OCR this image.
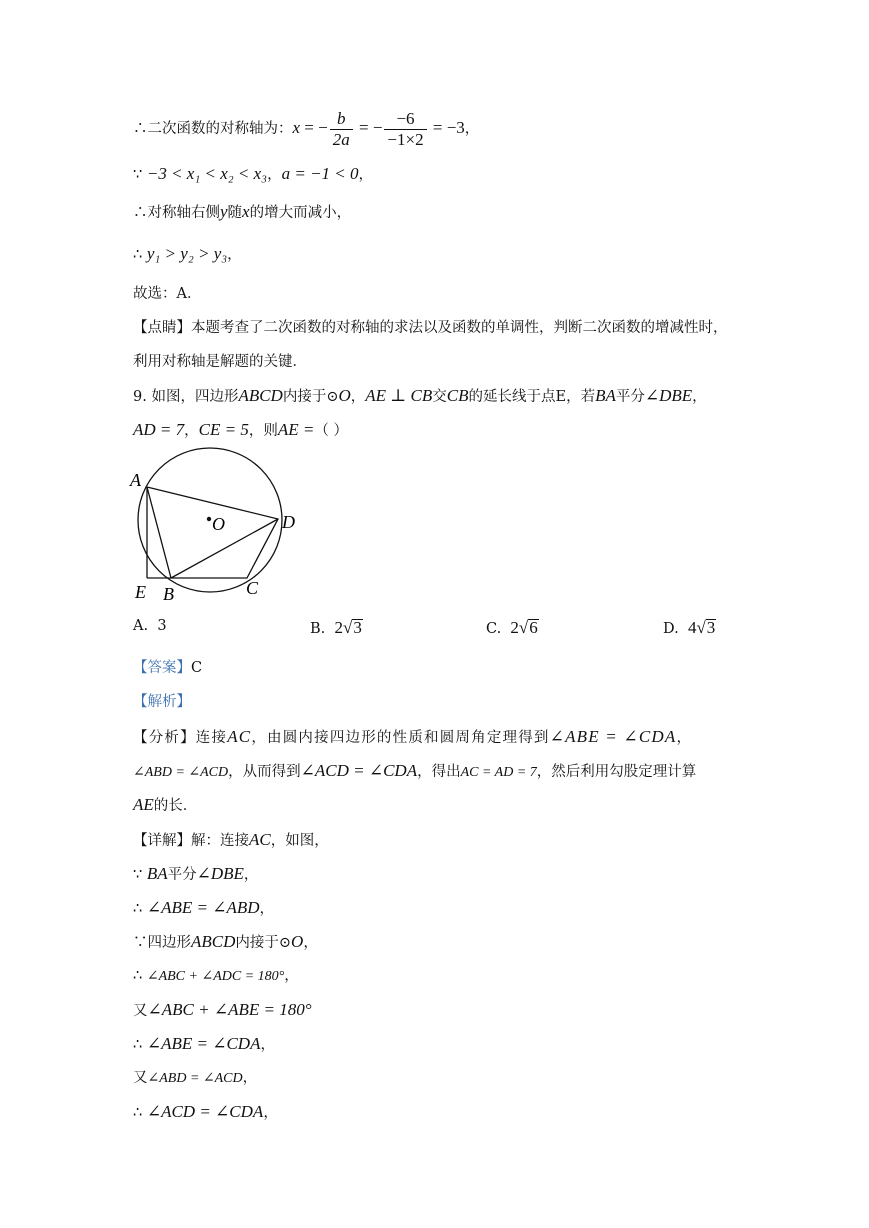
∴二次函数的对称轴为：x = − $\frac{b}{2a}$ = − $\frac{-6}{-1\times 2} = -3$，
∵ −3 < x₁ < x₂ < x₃，a = −1 < 0，
∴对称轴右侧y随x的增大而减小，
∴ y₁ > y₂ > y₃，
故选：A．
【点睛】本题考查了二次函数的对称轴的求法以及函数的单调性，判断二次函数的增减性时，
利用对称轴是解题的关键．
9. 如图，四边形ABCD内接于⊙O，AE ⊥ CB交CB的延长线于点E，若BA平分∠DBE，
AD = 7，CE = 5，则AE =（ ）
A
O	D
E B	C
A. 3	B. 2√3	C. 2√6	D. 4√3
【答案】C
【解析】
【分析】连接AC，由圆内接四边形的性质和圆周角定理得到∠ABE = ∠CDA，
∠ABD = ∠ACD，从而得到∠ACD = ∠CDA，得出AC = AD = 7，然后利用勾股定理计算
AE的长．
【详解】解：连接AC，如图，
∵ BA平分∠DBE，
∴ ∠ABE = ∠ABD，
∵四边形ABCD内接于⊙O，
∴ ∠ABC + ∠ADC = 180°，
又∠ABC + ∠ABE = 180°
∴ ∠ABE = ∠CDA，
又∠ABD = ∠ACD，
∴ ∠ACD = ∠CDA，
